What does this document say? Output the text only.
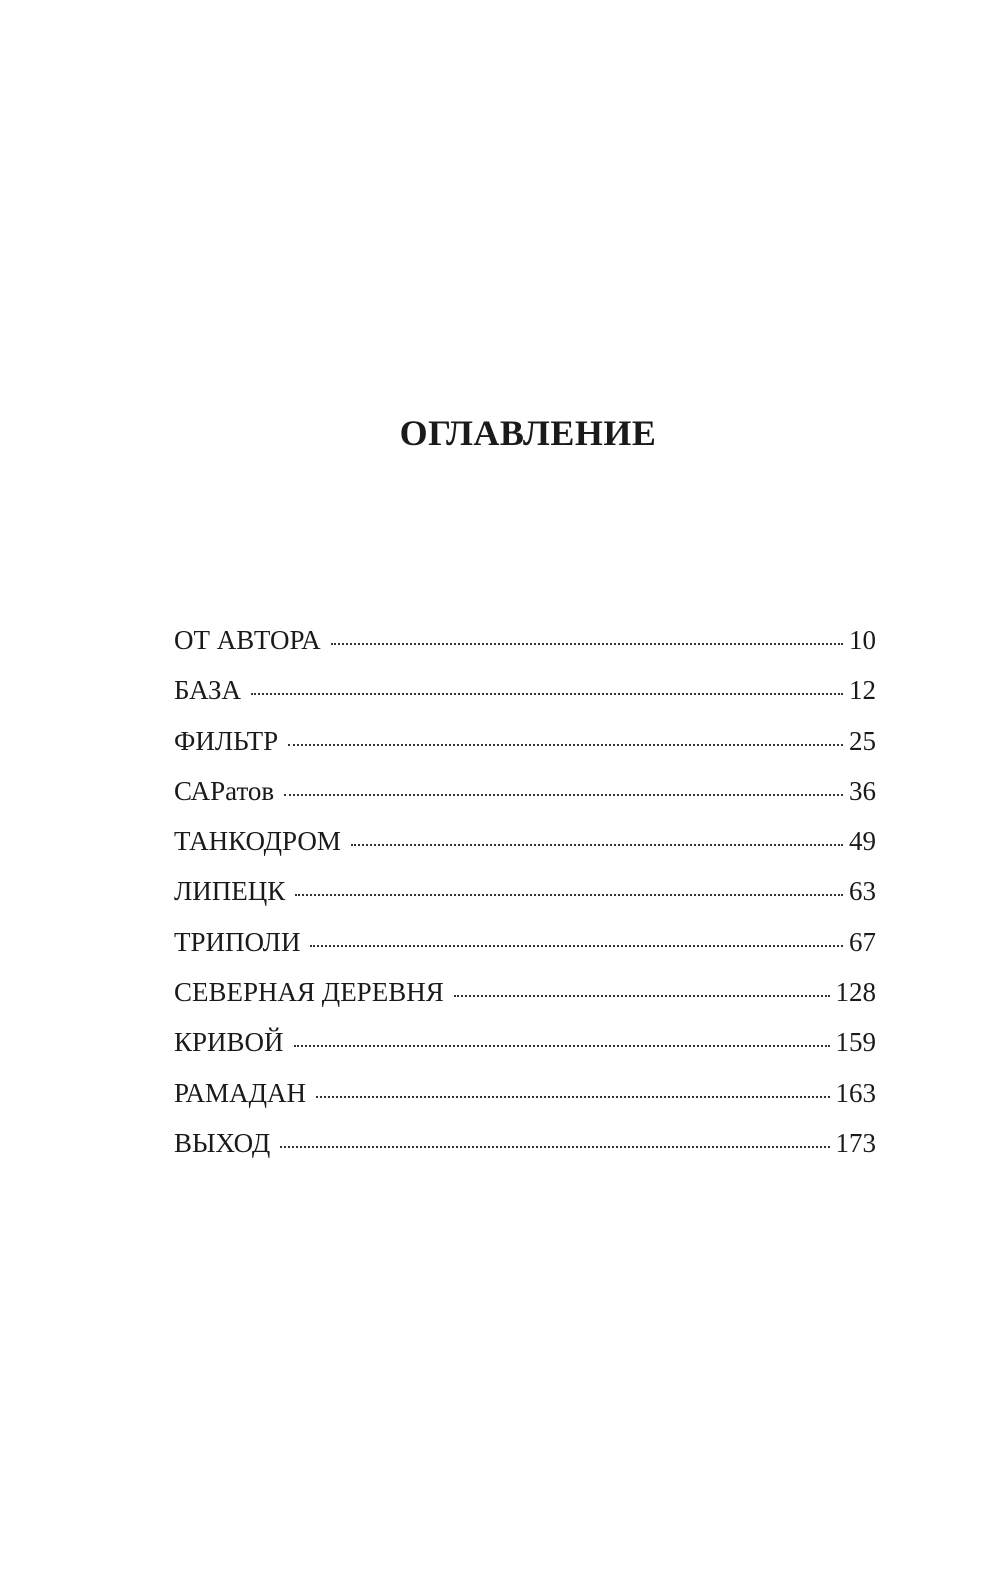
ОГЛАВЛЕНИЕ
ОТ АВТОРА	10
БАЗА	12
ФИЛЬТР	25
САРатов	36
ТАНКОДРОМ	49
ЛИПЕЦК	63
ТРИПОЛИ	67
СЕВЕРНАЯ ДЕРЕВНЯ	128
КРИВОЙ	159
РАМАДАН	163
ВЫХОД	173
